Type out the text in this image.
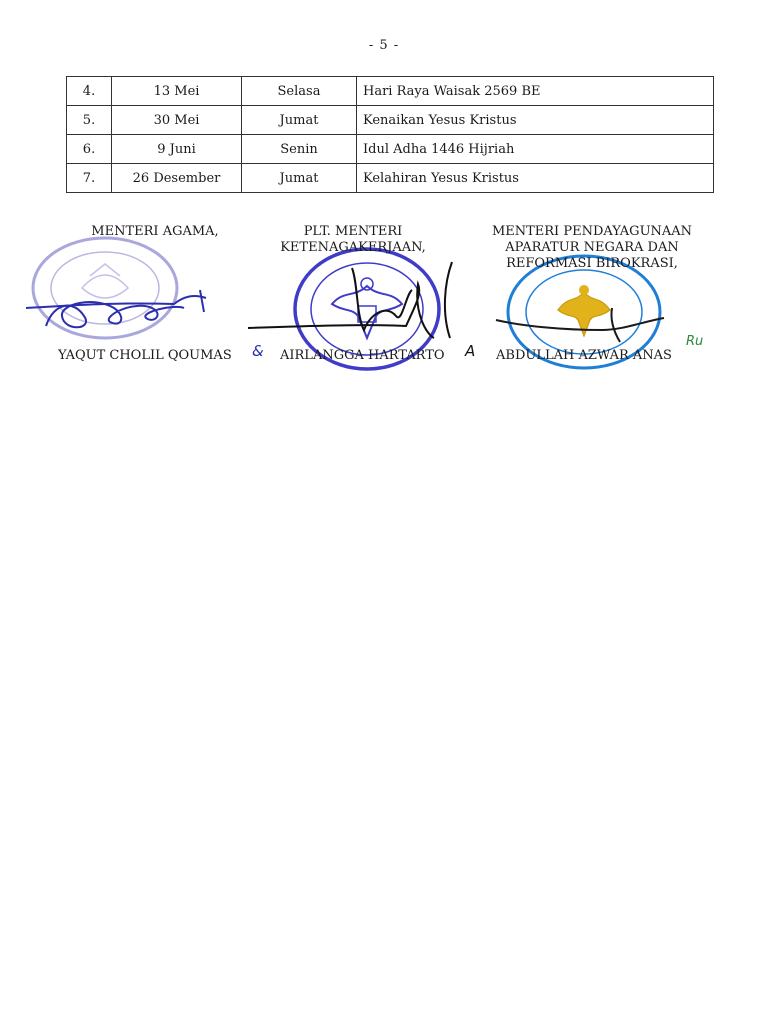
- 5 -
4.	13 Mei	Selasa	Hari Raya Waisak 2569 BE
5.	30 Mei	Jumat	Kenaikan Yesus Kristus
6.	9 Juni	Senin	Idul Adha 1446 Hijriah
7.	26 Desember	Jumat	Kelahiran Yesus Kristus
MENTERI AGAMA,
YAQUT CHOLIL QOUMAS &
PLT. MENTERI
KETENAGAKERJAAN,
AIRLANGGA HARTARTO A
MENTERI PENDAYAGUNAAN
APARATUR NEGARA DAN
REFORMASI BIROKRASI,
ABDULLAH AZWAR ANAS
Ru
